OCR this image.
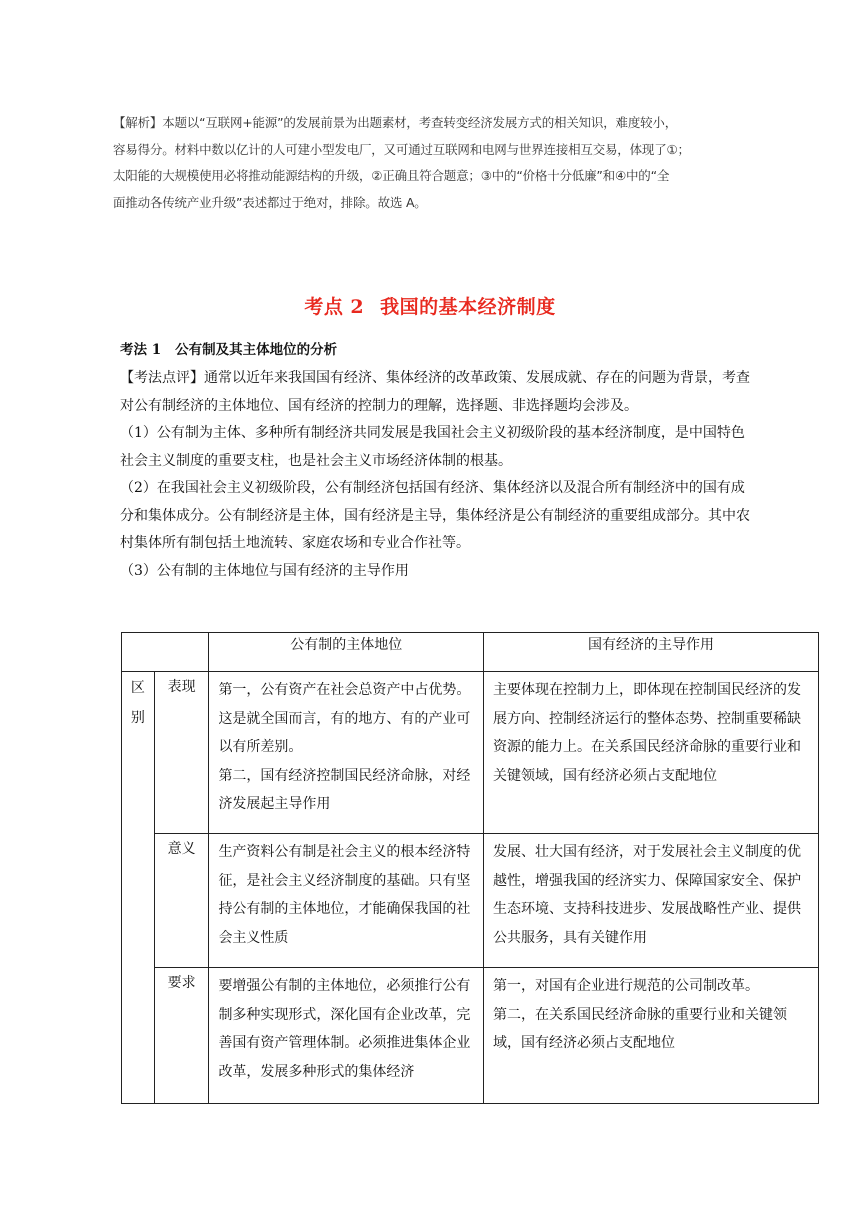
【解析】本题以“互联网+能源”的发展前景为出题素材，考查转变经济发展方式的相关知识，难度较小，

容易得分。材料中数以亿计的人可建小型发电厂，又可通过互联网和电网与世界连接相互交易，体现了①；

太阳能的大规模使用必将推动能源结构的升级，②正确且符合题意；③中的“价格十分低廉”和④中的“全

面推动各传统产业升级”表述都过于绝对，排除。故选 A。

考点 2 我国的基本经济制度
考法 1 公有制及其主体地位的分析

【考法点评】通常以近年来我国国有经济、集体经济的改革政策、发展成就、存在的问题为背景，考查对公有制经济的主体地位、国有经济的控制力的理解，选择题、非选择题均会涉及。

（1）公有制为主体、多种所有制经济共同发展是我国社会主义初级阶段的基本经济制度，是中国特色社会主义制度的重要支柱，也是社会主义市场经济体制的根基。

（2）在我国社会主义初级阶段，公有制经济包括国有经济、集体经济以及混合所有制经济中的国有成分和集体成分。公有制经济是主体，国有经济是主导，集体经济是公有制经济的重要组成部分。其中农村集体所有制包括土地流转、家庭农场和专业合作社等。

（3）公有制的主体地位与国有经济的主导作用

		公有制的主体地位	国有经济的主导作用
区别	表现	第一，公有资产在社会总资产中占优势。这是就全国而言，有的地方、有的产业可以有所差别。

第二，国有经济控制国民经济命脉，对经济发展起主导作用	主要体现在控制力上，即体现在控制国民经济的发展方向、控制经济运行的整体态势、控制重要稀缺资源的能力上。在关系国民经济命脉的重要行业和关键领域，国有经济必须占支配地位

	意义	生产资料公有制是社会主义的根本经济特征，是社会主义经济制度的基础。只有坚持公有制的主体地位，才能确保我国的社会主义性质	发展、壮大国有经济，对于发展社会主义制度的优越性，增强我国的经济实力、保障国家安全、保护生态环境、支持科技进步、发展战略性产业、提供公共服务，具有关键作用

	要求	要增强公有制的主体地位，必须推行公有制多种实现形式，深化国有企业改革，完善国有资产管理体制。必须推进集体企业改革，发展多种形式的集体经济	第一，对国有企业进行规范的公司制改革。

第二，在关系国民经济命脉的重要行业和关键领域，国有经济必须占支配地位
